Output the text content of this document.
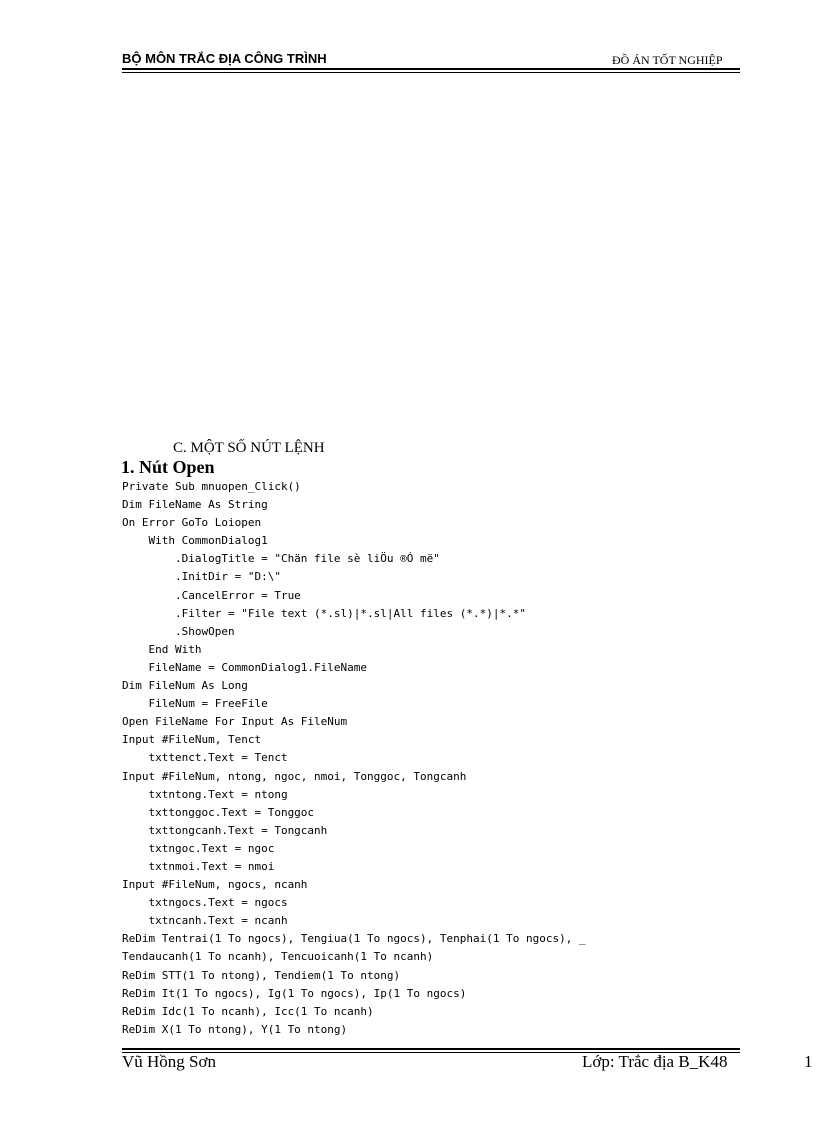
BỘ MÔN TRẮC ĐỊA CÔNG TRÌNH	ĐỒ ÁN TỐT NGHIỆP
C. MỘT SỐ NÚT LỆNH
1. Nút Open
Private Sub mnuopen_Click()
Dim FileName As String
On Error GoTo Loiopen
With CommonDialog1
.DialogTitle = "Chän file sè liÖu ®Ó më"
.InitDir = "D:\"
.CancelError = True
.Filter = "File text (*.sl)|*.sl|All files (*.*)|*.*"
.ShowOpen
End With
FileName = CommonDialog1.FileName
Dim FileNum As Long
FileNum = FreeFile
Open FileName For Input As FileNum
Input #FileNum, Tenct
txttenct.Text = Tenct
Input #FileNum, ntong, ngoc, nmoi, Tonggoc, Tongcanh
txtntong.Text = ntong
txttonggoc.Text = Tonggoc
txttongcanh.Text = Tongcanh
txtngoc.Text = ngoc
txtnmoi.Text = nmoi
Input #FileNum, ngocs, ncanh
txtngocs.Text = ngocs
txtncanh.Text = ncanh
ReDim Tentrai(1 To ngocs), Tengiua(1 To ngocs), Tenphai(1 To ngocs), _
Tendaucanh(1 To ncanh), Tencuoicanh(1 To ncanh)
ReDim STT(1 To ntong), Tendiem(1 To ntong)
ReDim It(1 To ngocs), Ig(1 To ngocs), Ip(1 To ngocs)
ReDim Idc(1 To ncanh), Icc(1 To ncanh)
ReDim X(1 To ntong), Y(1 To ntong)
Vũ Hồng Sơn	Lớp: Trắc địa B_K48	1
